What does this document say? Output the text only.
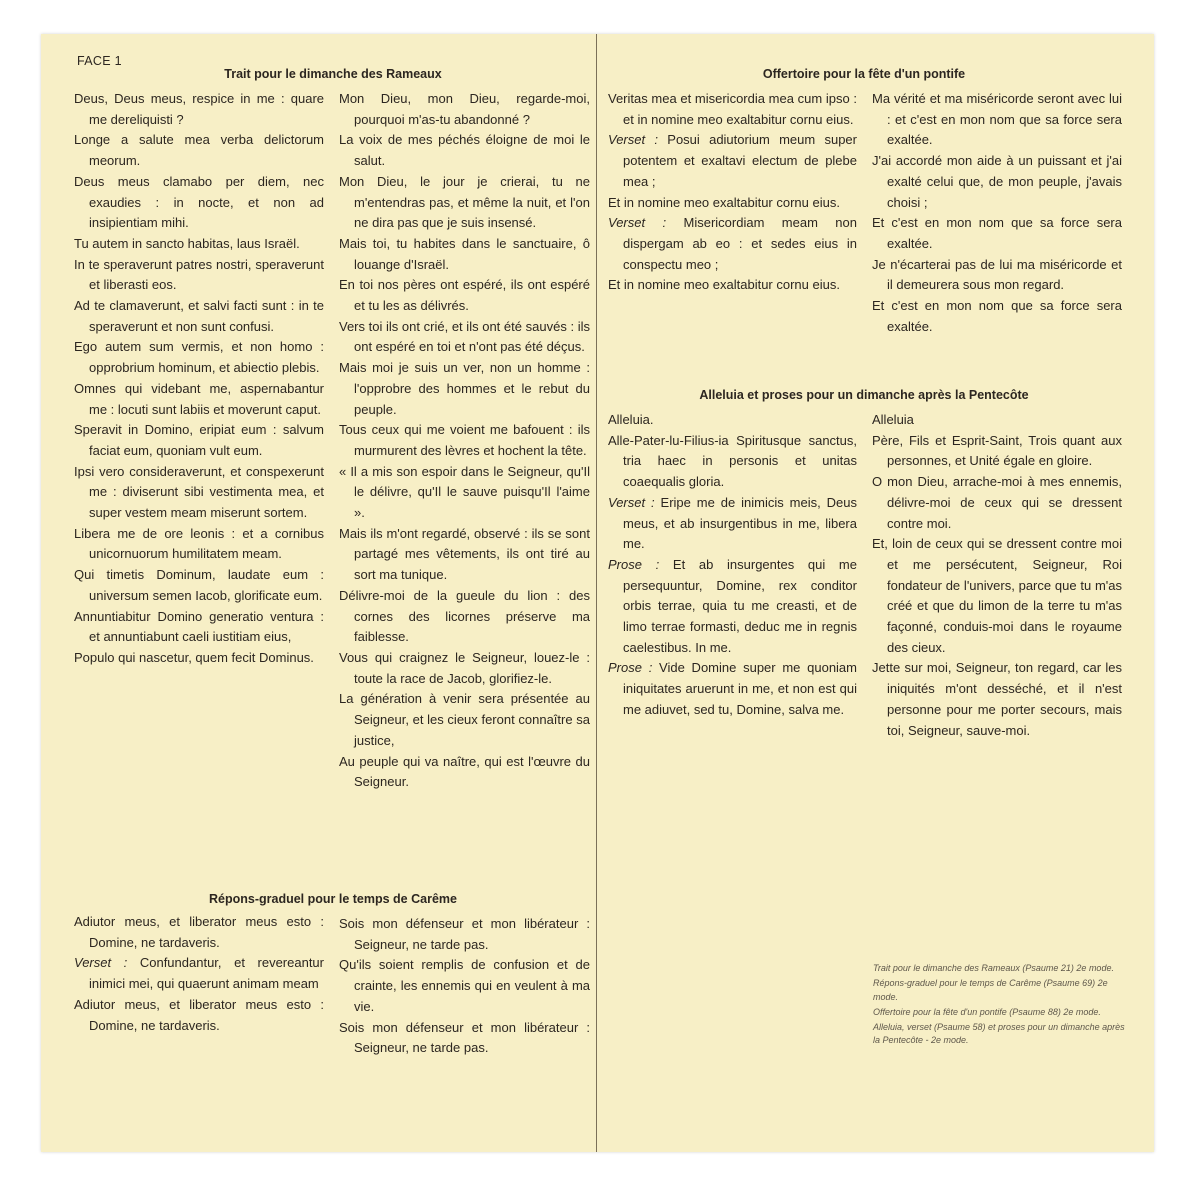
FACE 1
Trait pour le dimanche des Rameaux

Deus, Deus meus, respice in me : quare me dereliquisti ?

Longe a salute mea verba delictorum meorum.

Deus meus clamabo per diem, nec exaudies : in nocte, et non ad insipientiam mihi.

Tu autem in sancto habitas, laus Israël.

In te speraverunt patres nostri, speraverunt et liberasti eos.

Ad te clamaverunt, et salvi facti sunt : in te speraverunt et non sunt confusi.

Ego autem sum vermis, et non homo : opprobrium hominum, et abiectio plebis.

Omnes qui videbant me, aspernabantur me : locuti sunt labiis et moverunt caput.

Speravit in Domino, eripiat eum : salvum faciat eum, quoniam vult eum.

Ipsi vero consideraverunt, et conspexerunt me : diviserunt sibi vestimenta mea, et super vestem meam miserunt sortem.

Libera me de ore leonis : et a cornibus unicornuorum humilitatem meam.

Qui timetis Dominum, laudate eum : universum semen Iacob, glorificate eum.

Annuntiabitur Domino generatio ventura : et annuntiabunt caeli iustitiam eius,

Populo qui nascetur, quem fecit Dominus.

Mon Dieu, mon Dieu, regarde-moi, pourquoi m'as-tu abandonné ?

La voix de mes péchés éloigne de moi le salut.

Mon Dieu, le jour je crierai, tu ne m'entendras pas, et même la nuit, et l'on ne dira pas que je suis insensé.

Mais toi, tu habites dans le sanctuaire, ô louange d'Israël.

En toi nos pères ont espéré, ils ont espéré et tu les as délivrés.

Vers toi ils ont crié, et ils ont été sauvés : ils ont espéré en toi et n'ont pas été déçus.

Mais moi je suis un ver, non un homme : l'opprobre des hommes et le rebut du peuple.

Tous ceux qui me voient me bafouent : ils murmurent des lèvres et hochent la tête.

« Il a mis son espoir dans le Seigneur, qu'Il le délivre, qu'Il le sauve puisqu'Il l'aime ».

Mais ils m'ont regardé, observé : ils se sont partagé mes vêtements, ils ont tiré au sort ma tunique.

Délivre-moi de la gueule du lion : des cornes des licornes préserve ma faiblesse.

Vous qui craignez le Seigneur, louez-le : toute la race de Jacob, glorifiez-le.

La génération à venir sera présentée au Seigneur, et les cieux feront connaître sa justice,

Au peuple qui va naître, qui est l'œuvre du Seigneur.

Répons-graduel pour le temps de Carême

Adiutor meus, et liberator meus esto : Domine, ne tardaveris.

Verset : Confundantur, et revereantur inimici mei, qui quaerunt animam meam

Adiutor meus, et liberator meus esto : Domine, ne tardaveris.

Sois mon défenseur et mon libérateur : Seigneur, ne tarde pas.

Qu'ils soient remplis de confusion et de crainte, les ennemis qui en veulent à ma vie.

Sois mon défenseur et mon libérateur : Seigneur, ne tarde pas.

Offertoire pour la fête d'un pontife

Veritas mea et misericordia mea cum ipso : et in nomine meo exaltabitur cornu eius.

Verset : Posui adiutorium meum super potentem et exaltavi electum de plebe mea ;

Et in nomine meo exaltabitur cornu eius.

Verset : Misericordiam meam non dispergam ab eo : et sedes eius in conspectu meo ;

Et in nomine meo exaltabitur cornu eius.

Ma vérité et ma miséricorde seront avec lui : et c'est en mon nom que sa force sera exaltée.

J'ai accordé mon aide à un puissant et j'ai exalté celui que, de mon peuple, j'avais choisi ;

Et c'est en mon nom que sa force sera exaltée.

Je n'écarterai pas de lui ma miséricorde et il demeurera sous mon regard.

Et c'est en mon nom que sa force sera exaltée.

Alleluia et proses pour un dimanche après la Pentecôte

Alleluia.

Alle-Pater-lu-Filius-ia Spiritusque sanctus, tria haec in personis et unitas coaequalis gloria.

Verset : Eripe me de inimicis meis, Deus meus, et ab insurgentibus in me, libera me.

Prose : Et ab insurgentes qui me persequuntur, Domine, rex conditor orbis terrae, quia tu me creasti, et de limo terrae formasti, deduc me in regnis caelestibus. In me.

Prose : Vide Domine super me quoniam iniquitates aruerunt in me, et non est qui me adiuvet, sed tu, Domine, salva me.

Alleluia

Père, Fils et Esprit-Saint, Trois quant aux personnes, et Unité égale en gloire.

O mon Dieu, arrache-moi à mes ennemis, délivre-moi de ceux qui se dressent contre moi.

Et, loin de ceux qui se dressent contre moi et me persécutent, Seigneur, Roi fondateur de l'univers, parce que tu m'as créé et que du limon de la terre tu m'as façonné, conduis-moi dans le royaume des cieux.

Jette sur moi, Seigneur, ton regard, car les iniquités m'ont desséché, et il n'est personne pour me porter secours, mais toi, Seigneur, sauve-moi.

Trait pour le dimanche des Rameaux (Psaume 21) 2e mode.

Répons-graduel pour le temps de Carême (Psaume 69) 2e mode.

Offertoire pour la fête d'un pontife (Psaume 88) 2e mode.

Alleluia, verset (Psaume 58) et proses pour un dimanche après la Pentecôte - 2e mode.
